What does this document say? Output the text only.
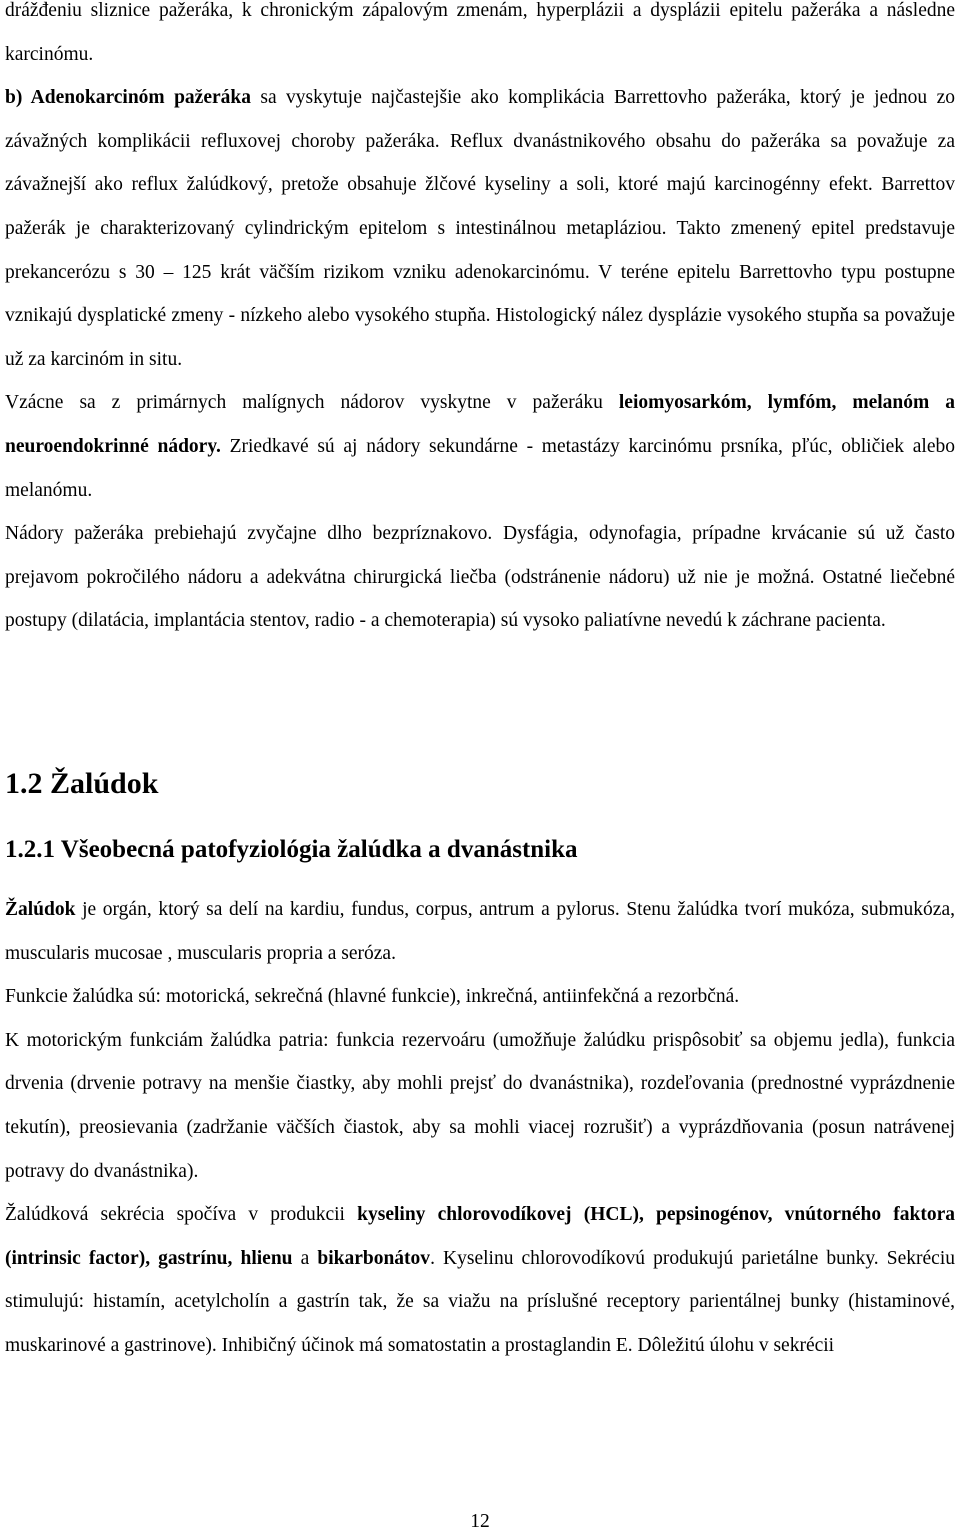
drážđeniu sliznice pažeráka, k chronickým zápalovým zmenám, hyperplázii a dysplázii epitelu pažeráka a následne karcinómu.

b) Adenokarcinóm pažeráka sa vyskytuje najčastejšie ako komplikácia Barrettovho pažeráka, ktorý je jednou zo závažných komplikácii refluxovej choroby pažeráka. Reflux dvanástnikového obsahu do pažeráka sa považuje za závažnejší ako reflux žalúdkový, pretože obsahuje žlčové kyseliny a soli, ktoré majú karcinogénny efekt. Barrettov pažerák je charakterizovaný cylindrickým epitelom s intestinálnou metapláziou. Takto zmenený epitel predstavuje prekancerózu s 30 – 125 krát väčším rizikom vzniku adenokarcinómu. V teréne epitelu Barrettovho typu postupne vznikajú dysplatické zmeny - nízkeho alebo vysokého stupňa. Histologický nález dysplázie vysokého stupňa sa považuje už za karcinóm in situ.

Vzácne sa z primárnych malígnych nádorov vyskytne v pažeráku leiomyosarkóm, lymfóm, melanóm a neuroendokrinné nádory. Zriedkavé sú aj nádory sekundárne - metastázy karcinómu prsníka, pľúc, obličiek alebo melanómu.

Nádory pažeráka prebiehajú zvyčajne dlho bezpríznakovo. Dysfágia, odynofagia, prípadne krvácanie sú už často prejavom pokročilého nádoru a adekvátna chirurgická liečba (odstránenie nádoru) už nie je možná. Ostatné liečebné postupy (dilatácia, implantácia stentov, radio - a chemoterapia) sú vysoko paliatívne nevedú k záchrane pacienta.

1.2 Žalúdok
1.2.1 Všeobecná patofyziológia žalúdka a dvanástnika

Žalúdok je orgán, ktorý sa delí na kardiu, fundus, corpus, antrum a pylorus. Stenu žalúdka tvorí mukóza, submukóza, muscularis mucosae , muscularis propria a seróza.

Funkcie žalúdka sú: motorická, sekrečná (hlavné funkcie), inkrečná, antiinfekčná a rezorbčná.

K motorickým funkciám žalúdka patria: funkcia rezervoáru (umožňuje žalúdku prispôsobiť sa objemu jedla), funkcia drvenia (drvenie potravy na menšie čiastky, aby mohli prejsť do dvanástnika), rozdeľovania (prednostné vyprázdnenie tekutín), preosievania (zadržanie väčších čiastok, aby sa mohli viacej rozrušiť) a vyprázdňovania (posun natrávenej potravy do dvanástnika).

Žalúdková sekrécia spočíva v produkcii kyseliny chlorovodíkovej (HCL), pepsinogénov, vnútorného faktora (intrinsic factor), gastrínu, hlienu a bikarbonátov. Kyselinu chlorovodíkovú produkujú parietálne bunky. Sekréciu stimulujú: histamín, acetylcholín a gastrín tak, že sa viažu na príslušné receptory parientálnej bunky (histaminové, muskarinové a gastrinove). Inhibičný účinok má somatostatin a prostaglandin E. Dôležitú úlohu v sekrécii

12
